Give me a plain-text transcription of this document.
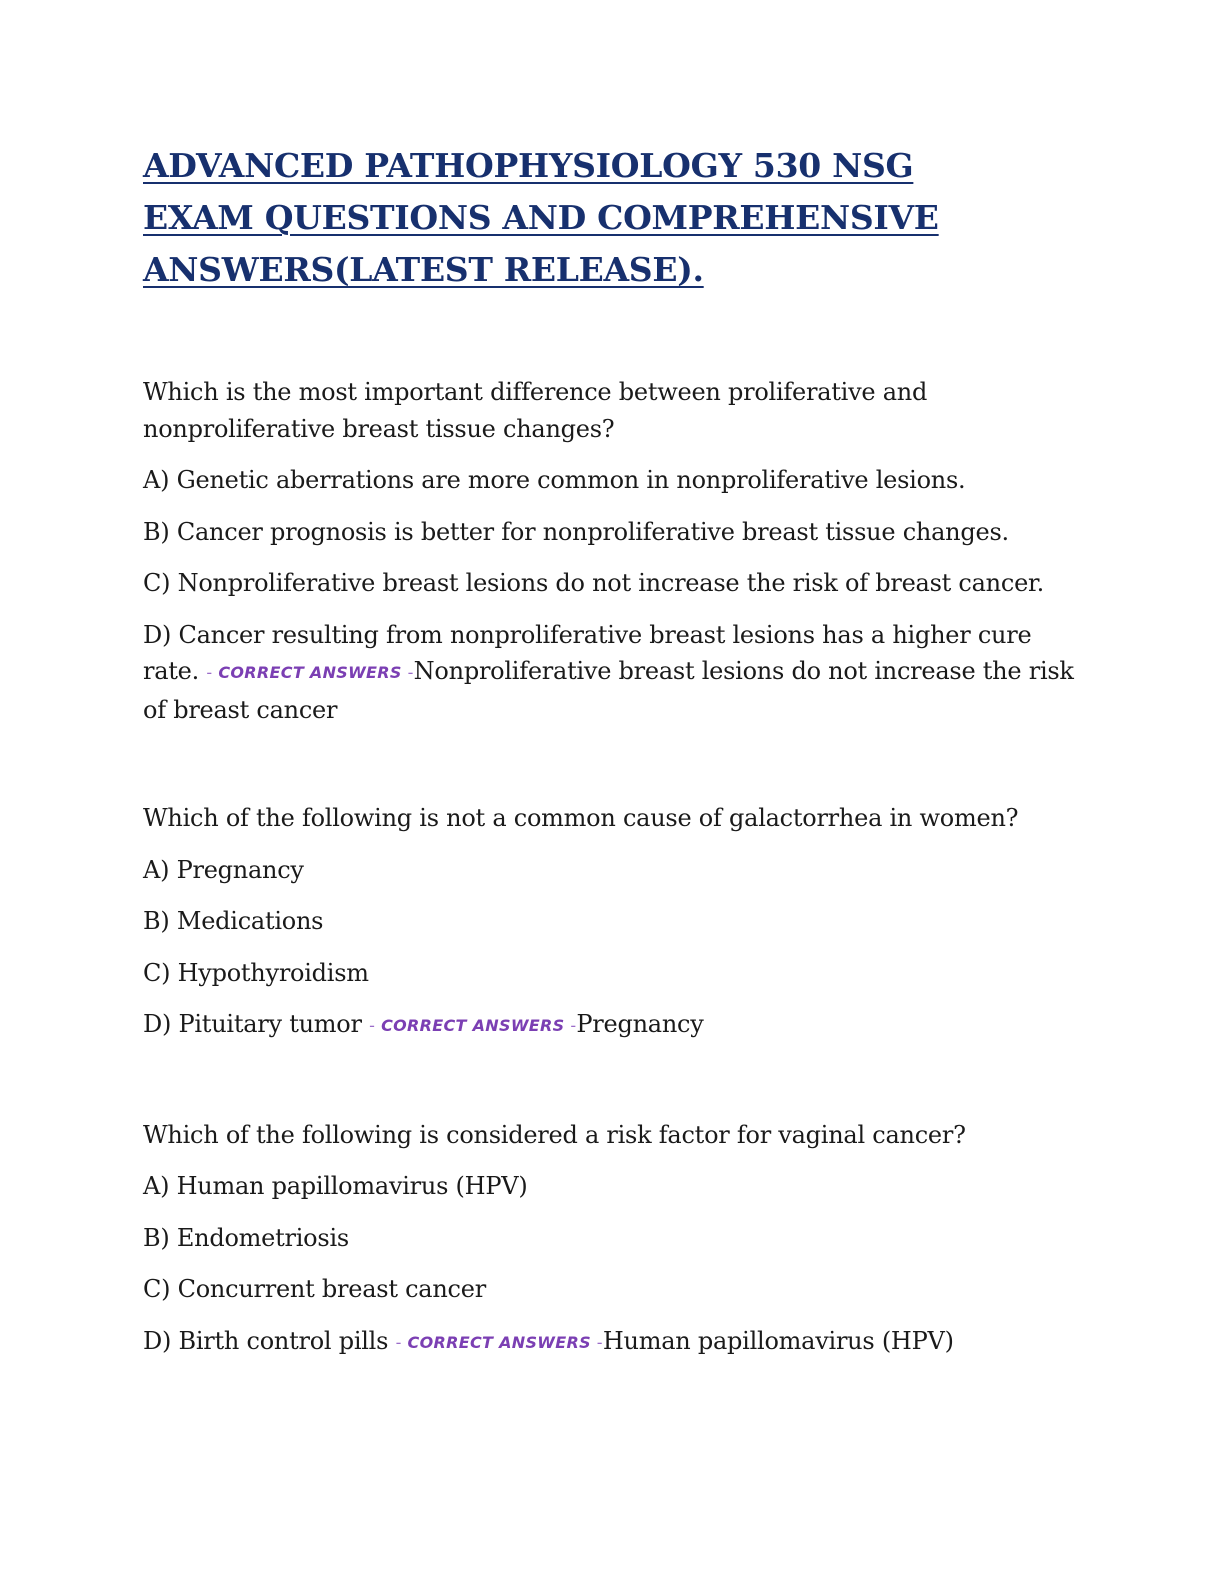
ADVANCED PATHOPHYSIOLOGY 530 NSG
EXAM QUESTIONS AND COMPREHENSIVE
ANSWERS(LATEST RELEASE).

Which is the most important difference between proliferative and nonproliferative breast tissue changes?

A) Genetic aberrations are more common in nonproliferative lesions.

B) Cancer prognosis is better for nonproliferative breast tissue changes.

C) Nonproliferative breast lesions do not increase the risk of breast cancer.

D) Cancer resulting from nonproliferative breast lesions has a higher cure rate. - CORRECT ANSWERS -Nonproliferative breast lesions do not increase the risk of breast cancer

Which of the following is not a common cause of galactorrhea in women?

A) Pregnancy

B) Medications

C) Hypothyroidism

D) Pituitary tumor - CORRECT ANSWERS -Pregnancy

Which of the following is considered a risk factor for vaginal cancer?

A) Human papillomavirus (HPV)

B) Endometriosis

C) Concurrent breast cancer

D) Birth control pills - CORRECT ANSWERS -Human papillomavirus (HPV)
